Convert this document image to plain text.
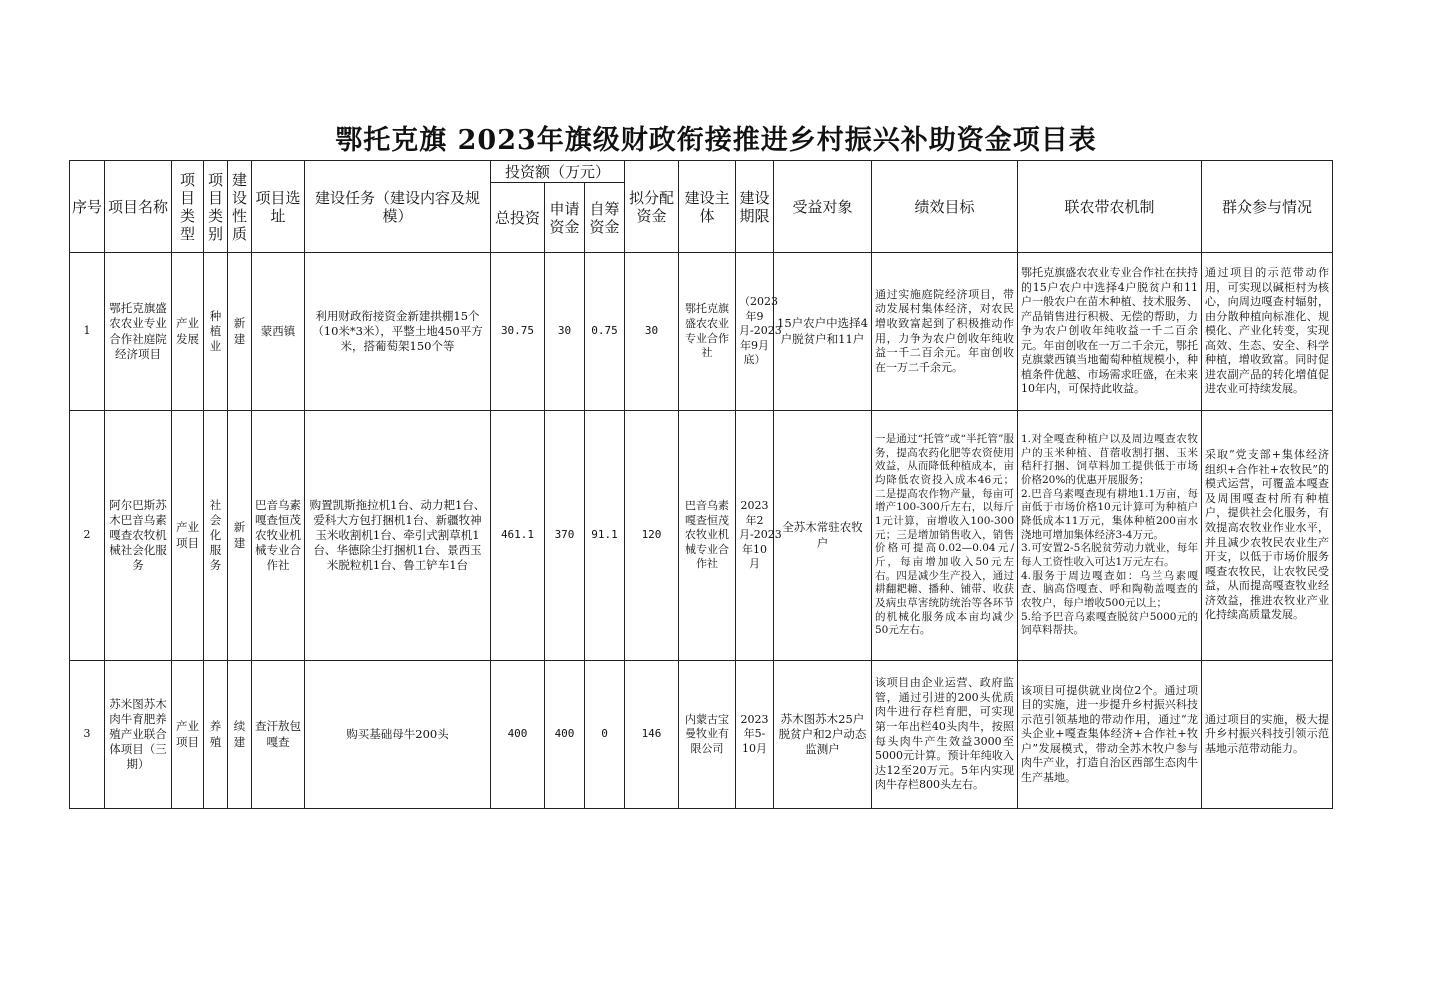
鄂托克旗 2023年旗级财政衔接推进乡村振兴补助资金项目表
序号	项目名称	项目类型	项目类别	建设性质	项目选址	建设任务（建设内容及规模）	投资额（万元）			拟分配资金	建设主体	建设期限	受益对象	绩效目标	联农带农机制	群众参与情况
							总投资	申请资金	自筹资金							
1	鄂托克旗盛农农业专业合作社庭院经济项目	产业发展	种植业	新建	蒙西镇	利用财政衔接资金新建拱棚15个（10米*3米），平整土地450平方米，搭葡萄架150个等	30.75	30	0.75	30	鄂托克旗盛农农业专业合作社	（2023年9月-2023年9月底）	15户农户中选择4户脱贫户和11户	通过实施庭院经济项目，带动发展村集体经济，对农民增收致富起到了积极推动作用，力争为农户创收年纯收益一千二百余元。年亩创收在一万二千余元。	鄂托克旗盛农农业专业合作社在扶持的15户农户中选择4户脱贫户和11户一般农户在苗木种植、技术服务、产品销售进行积极、无偿的帮助，力争为农户创收年纯收益一千二百余元。年亩创收在一万二千余元，鄂托克旗蒙西镇当地葡萄种植规模小，种植条件优越、市场需求旺盛，在未来10年内，可保持此收益。	通过项目的示范带动作用，可实现以碱柜村为核心，向周边嘎查村辐射，由分散种植向标准化、规模化、产业化转变，实现高效、生态、安全、科学种植，增收致富。同时促进农副产品的转化增值促进农业可持续发展。
2	阿尔巴斯苏木巴音乌素嘎查农牧机械社会化服务	产业项目	社会化服务	新建	巴音乌素嘎查恒茂农牧业机械专业合作社	购置凯斯拖拉机1台、动力耙1台、爱科大方包打捆机1台、新疆牧神玉米收割机1台、牵引式割草机1台、华德除尘打捆机1台、景西玉米脱粒机1台、鲁工铲车1台	461.1	370	91.1	120	巴音乌素嘎查恒茂农牧业机械专业合作社	2023年2月-2023年10月	全苏木常驻农牧户	一是通过“托管”或“半托管”服务，提高农药化肥等农资使用效益，从而降低种植成本，亩均降低农资投入成本46元；二是提高农作物产量，每亩可增产100-300斤左右，以每斤1元计算，亩增收入100-300元；三是增加销售收入，销售价格可提高0.02—0.04元/斤，每亩增加收入50元左右。四是减少生产投入，通过耕翻耙耱、播种、铺带、收获及病虫草害统防统治等各环节的机械化服务成本亩均减少50元左右。	1.对全嘎查种植户以及周边嘎查农牧户的玉米种植、苜蓿收割打捆、玉米秸秆打捆、饲草料加工提供低于市场价格20%的优惠开展服务；
2.巴音乌素嘎查现有耕地1.1万亩，每亩低于市场价格10元计算可为种植户降低成本11万元，集体种植200亩水浇地可增加集体经济3-4万元。
3.可安置2-5名脱贫劳动力就业，每年每人工资性收入可达1万元左右。
4.服务于周边嘎查如：乌兰乌素嘎查、脑高岱嘎查、呼和陶勒盖嘎查的农牧户，每户增收500元以上；
5.给予巴音乌素嘎查脱贫户5000元的饲草料帮扶。	采取“党支部+集体经济组织+合作社+农牧民”的模式运营，可覆盖本嘎查及周围嘎查村所有种植户，提供社会化服务，有效提高农牧业作业水平，并且减少农牧民农业生产开支，以低于市场价服务嘎查农牧民，让农牧民受益，从而提高嘎查牧业经济效益，推进农牧业产业化持续高质量发展。
3	苏米图苏木肉牛育肥养殖产业联合体项目（三期）	产业项目	养殖	续建	查汗敖包嘎查	购买基础母牛200头	400	400	0	146	内蒙古宝曼牧业有限公司	2023年5-10月	苏木图苏木25户脱贫户和2户动态监测户	该项目由企业运营、政府监管，通过引进的200头优质肉牛进行存栏育肥，可实现第一年出栏40头肉牛，按照每头肉牛产生效益3000至5000元计算。预计年纯收入达12至20万元。5年内实现肉牛存栏800头左右。	该项目可提供就业岗位2个。通过项目的实施，进一步提升乡村振兴科技示范引领基地的带动作用，通过“龙头企业+嘎查集体经济+合作社+牧户”发展模式，带动全苏木牧户参与肉牛产业，打造自治区西部生态肉牛生产基地。	通过项目的实施，极大提升乡村振兴科技引领示范基地示范带动能力。
